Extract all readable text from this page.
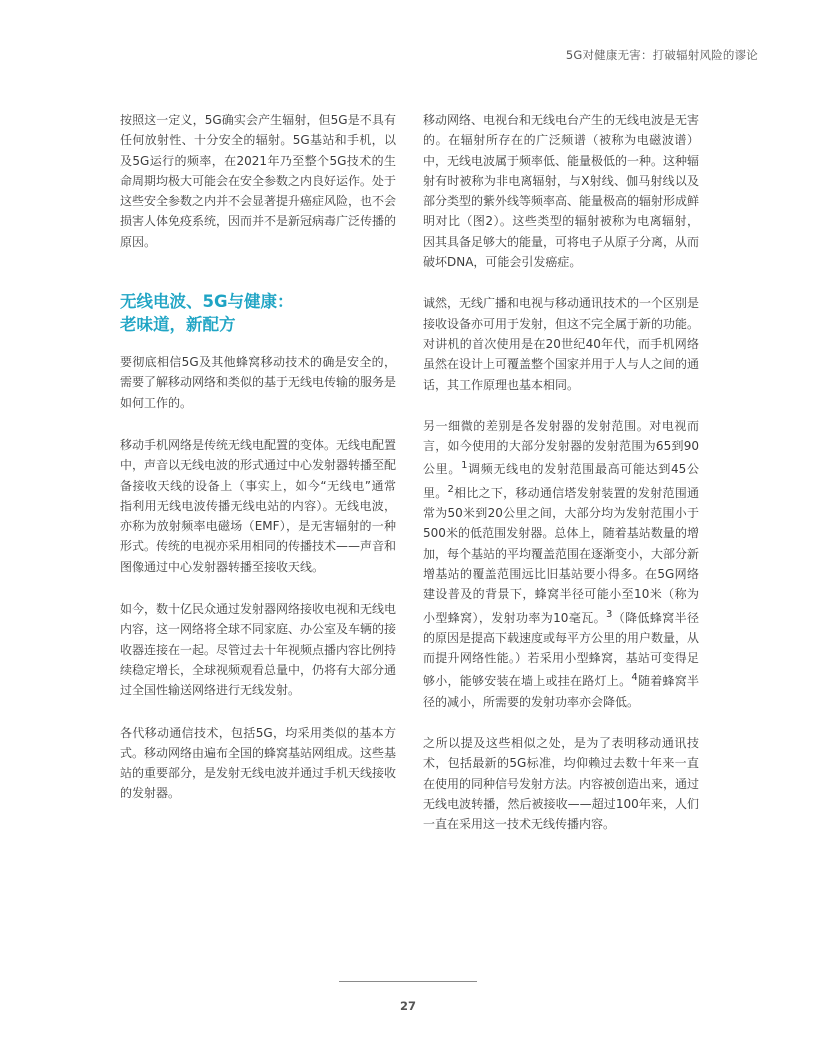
5G对健康无害：打破辐射风险的谬论

按照这一定义，5G确实会产生辐射，但5G是不具有任何放射性、十分安全的辐射。5G基站和手机，以及5G运行的频率，在2021年乃至整个5G技术的生命周期均极大可能会在安全参数之内良好运作。处于这些安全参数之内并不会显著提升癌症风险，也不会损害人体免疫系统，因而并不是新冠病毒广泛传播的原因。

无线电波、5G与健康：
老味道，新配方

要彻底相信5G及其他蜂窝移动技术的确是安全的，需要了解移动网络和类似的基于无线电传输的服务是如何工作的。

移动手机网络是传统无线电配置的变体。无线电配置中，声音以无线电波的形式通过中心发射器转播至配备接收天线的设备上（事实上，如今“无线电”通常指利用无线电波传播无线电站的内容）。无线电波，亦称为放射频率电磁场（EMF），是无害辐射的一种形式。传统的电视亦采用相同的传播技术——声音和图像通过中心发射器转播至接收天线。

如今，数十亿民众通过发射器网络接收电视和无线电内容，这一网络将全球不同家庭、办公室及车辆的接收器连接在一起。尽管过去十年视频点播内容比例持续稳定增长，全球视频观看总量中，仍将有大部分通过全国性输送网络进行无线发射。

各代移动通信技术，包括5G，均采用类似的基本方式。移动网络由遍布全国的蜂窝基站网组成。这些基站的重要部分，是发射无线电波并通过手机天线接收的发射器。

移动网络、电视台和无线电台产生的无线电波是无害的。在辐射所存在的广泛频谱（被称为电磁波谱）中，无线电波属于频率低、能量极低的一种。这种辐射有时被称为非电离辐射，与X射线、伽马射线以及部分类型的紫外线等频率高、能量极高的辐射形成鲜明对比（图2）。这些类型的辐射被称为电离辐射，因其具备足够大的能量，可将电子从原子分离，从而破坏DNA，可能会引发癌症。

诚然，无线广播和电视与移动通讯技术的一个区别是接收设备亦可用于发射，但这不完全属于新的功能。对讲机的首次使用是在20世纪40年代，而手机网络虽然在设计上可覆盖整个国家并用于人与人之间的通话，其工作原理也基本相同。

另一细微的差别是各发射器的发射范围。对电视而言，如今使用的大部分发射器的发射范围为65到90公里。$^1$调频无线电的发射范围最高可能达到45公里。$^2$相比之下，移动通信塔发射装置的发射范围通常为50米到20公里之间，大部分均为发射范围小于500米的低范围发射器。总体上，随着基站数量的增加，每个基站的平均覆盖范围在逐渐变小，大部分新增基站的覆盖范围远比旧基站要小得多。在5G网络建设普及的背景下，蜂窝半径可能小至10米（称为小型蜂窝），发射功率为10毫瓦。$^3$（降低蜂窝半径的原因是提高下载速度或每平方公里的用户数量，从而提升网络性能。）若采用小型蜂窝，基站可变得足够小，能够安装在墙上或挂在路灯上。$^4$随着蜂窝半径的减小，所需要的发射功率亦会降低。

之所以提及这些相似之处，是为了表明移动通讯技术，包括最新的5G标准，均仰赖过去数十年来一直在使用的同种信号发射方法。内容被创造出来，通过无线电波转播，然后被接收——超过100年来，人们一直在采用这一技术无线传播内容。

27
